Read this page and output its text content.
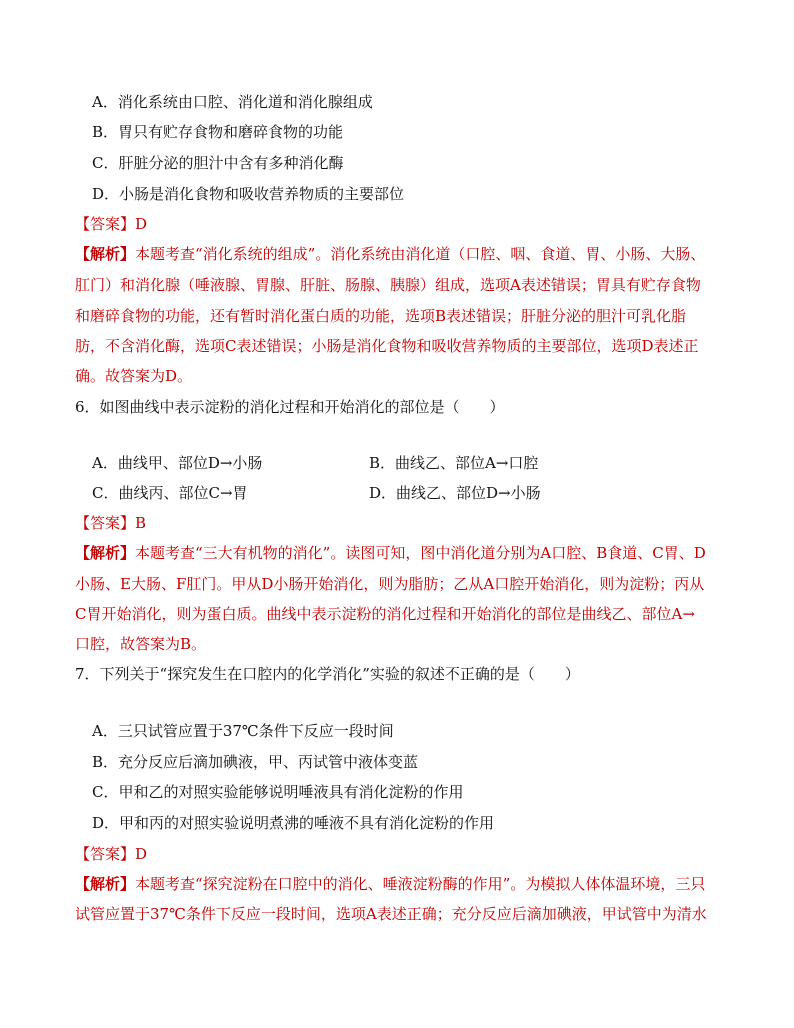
A．消化系统由口腔、消化道和消化腺组成
B．胃只有贮存食物和磨碎食物的功能
C．肝脏分泌的胆汁中含有多种消化酶
D．小肠是消化食物和吸收营养物质的主要部位
【答案】D
【解析】本题考查“消化系统的组成”。消化系统由消化道（口腔、咽、食道、胃、小肠、大肠、
肛门）和消化腺（唾液腺、胃腺、肝脏、肠腺、胰腺）组成，选项A表述错误；胃具有贮存食物
和磨碎食物的功能，还有暂时消化蛋白质的功能，选项B表述错误；肝脏分泌的胆汁可乳化脂
肪，不含消化酶，选项C表述错误；小肠是消化食物和吸收营养物质的主要部位，选项D表述正
确。故答案为D。
6．如图曲线中表示淀粉的消化过程和开始消化的部位是（　　）
A．曲线甲、部位D→小肠	B．曲线乙、部位A→口腔
C．曲线丙、部位C→胃	D．曲线乙、部位D→小肠
【答案】B
【解析】本题考查“三大有机物的消化”。读图可知，图中消化道分别为A口腔、B食道、C胃、D
小肠、E大肠、F肛门。甲从D小肠开始消化，则为脂肪；乙从A口腔开始消化，则为淀粉；丙从
C胃开始消化，则为蛋白质。曲线中表示淀粉的消化过程和开始消化的部位是曲线乙、部位A→
口腔，故答案为B。
7．下列关于“探究发生在口腔内的化学消化”实验的叙述不正确的是（　　）
A．三只试管应置于37℃条件下反应一段时间
B．充分反应后滴加碘液，甲、丙试管中液体变蓝
C．甲和乙的对照实验能够说明唾液具有消化淀粉的作用
D．甲和丙的对照实验说明煮沸的唾液不具有消化淀粉的作用
【答案】D
【解析】本题考查“探究淀粉在口腔中的消化、唾液淀粉酶的作用”。为模拟人体体温环境，三只
试管应置于37℃条件下反应一段时间，选项A表述正确；充分反应后滴加碘液，甲试管中为清水
